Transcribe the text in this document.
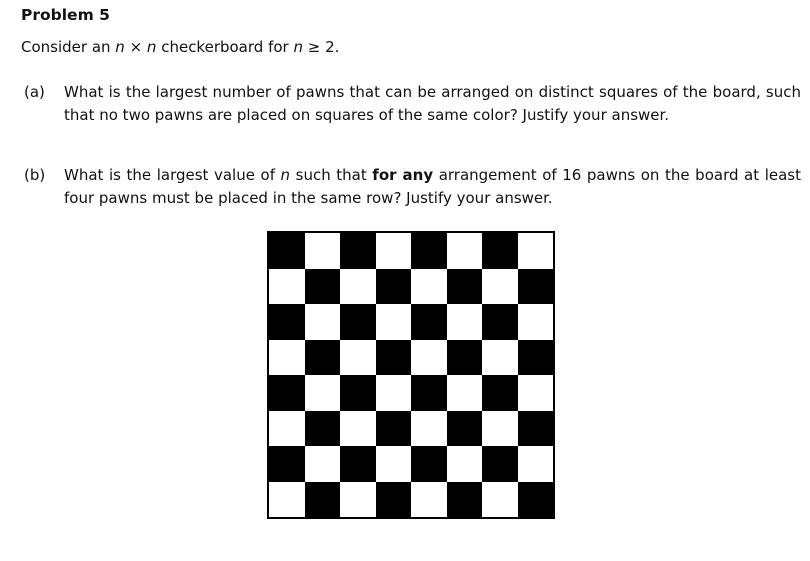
Problem 5
Consider an n × n checkerboard for n ≥ 2.
(a) What is the largest number of pawns that can be arranged on distinct squares of the board, such that no two pawns are placed on squares of the same color? Justify your answer.
(b) What is the largest value of n such that for any arrangement of 16 pawns on the board at least four pawns must be placed in the same row? Justify your answer.
